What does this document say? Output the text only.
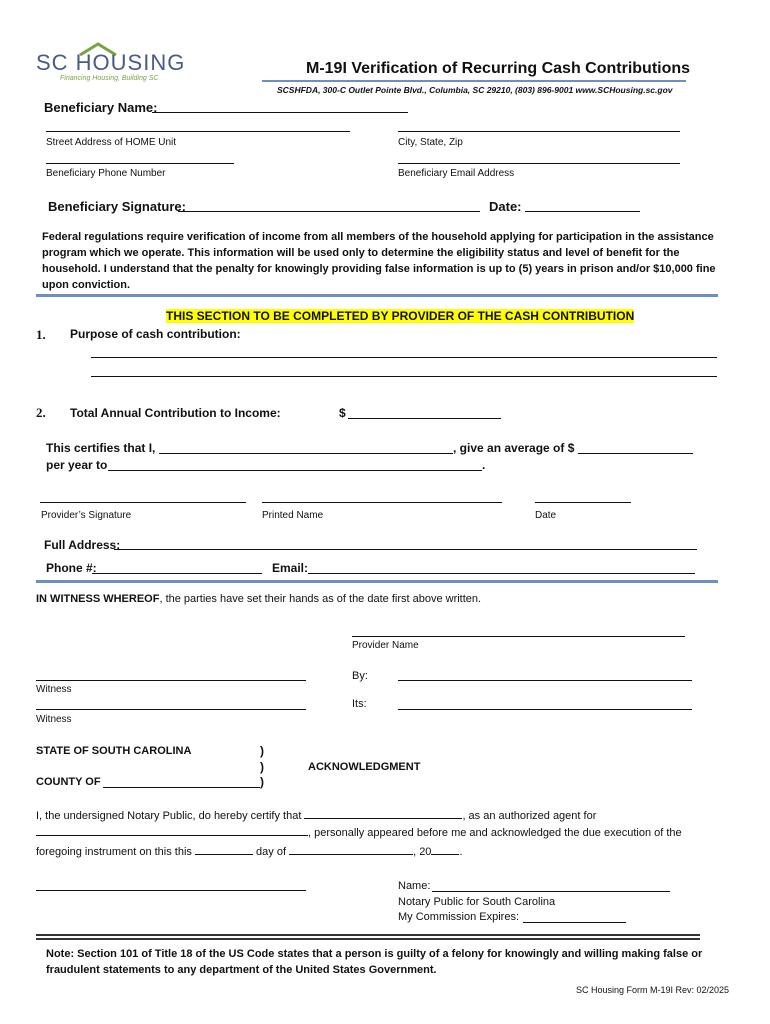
SC HOUSING
Financing Housing, Building SC
M-19I Verification of Recurring Cash Contributions
SCSHFDA, 300-C Outlet Pointe Blvd., Columbia, SC 29210, (803) 896-9001 www.SCHousing.sc.gov
Beneficiary Name:
Street Address of HOME Unit	City, State, Zip
Beneficiary Phone Number	Beneficiary Email Address
Beneficiary Signature:	Date:
Federal regulations require verification of income from all members of the household applying for participation in the assistance program which we operate. This information will be used only to determine the eligibility status and level of benefit for the household. I understand that the penalty for knowingly providing false information is up to (5) years in prison and/or $10,000 fine upon conviction.
THIS SECTION TO BE COMPLETED BY PROVIDER OF THE CASH CONTRIBUTION
1. Purpose of cash contribution:
2. Total Annual Contribution to Income:	$
This certifies that I,	, give an average of $
per year to	.
Provider’s Signature	Printed Name	Date
Full Address:
Phone #:	Email:
IN WITNESS WHEREOF, the parties have set their hands as of the date first above written.
Provider Name
By:
Witness
Its:
Witness
STATE OF SOUTH CAROLINA	)
)	ACKNOWLEDGMENT
COUNTY OF	)
I, the undersigned Notary Public, do hereby certify that	, as an authorized agent for
, personally appeared before me and acknowledged the due execution of the
foregoing instrument on this this	day of	, 20	.
Name:
Notary Public for South Carolina
My Commission Expires:
Note: Section 101 of Title 18 of the US Code states that a person is guilty of a felony for knowingly and willing making false or fraudulent statements to any department of the United States Government.
SC Housing Form M-19I Rev: 02/2025
